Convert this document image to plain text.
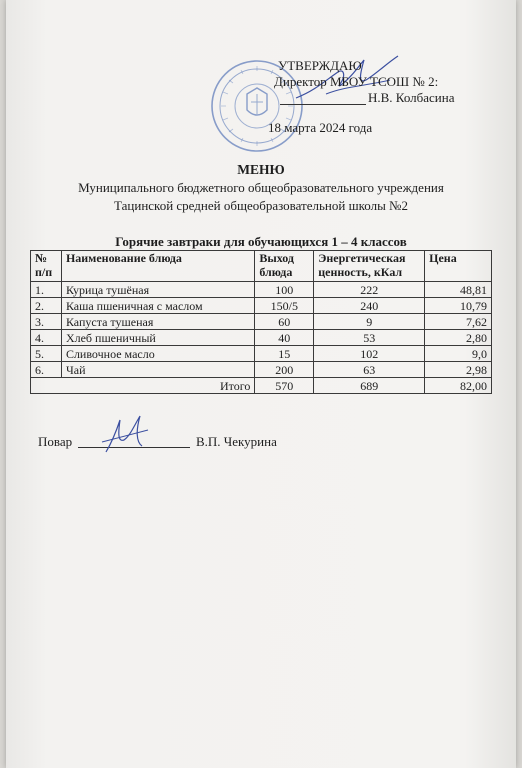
УТВЕРЖДАЮ
Директор МБОУ ТСОШ № 2:
Н.В. Колбасина
18 марта 2024 года
МЕНЮ
Муниципального бюджетного общеобразовательного учреждения
Тацинской средней общеобразовательной школы №2
Горячие завтраки для обучающихся 1 – 4 классов
№ п/п	Наименование блюда	Выход блюда	Энергетическая ценность, кКал	Цена
1.	Курица тушёная	100	222	48,81
2.	Каша пшеничная с маслом	150/5	240	10,79
3.	Капуста тушеная	60	9	7,62
4.	Хлеб пшеничный	40	53	2,80
5.	Сливочное масло	15	102	9,0
6.	Чай	200	63	2,98
Итого		570	689	82,00
Повар	В.П. Чекурина
